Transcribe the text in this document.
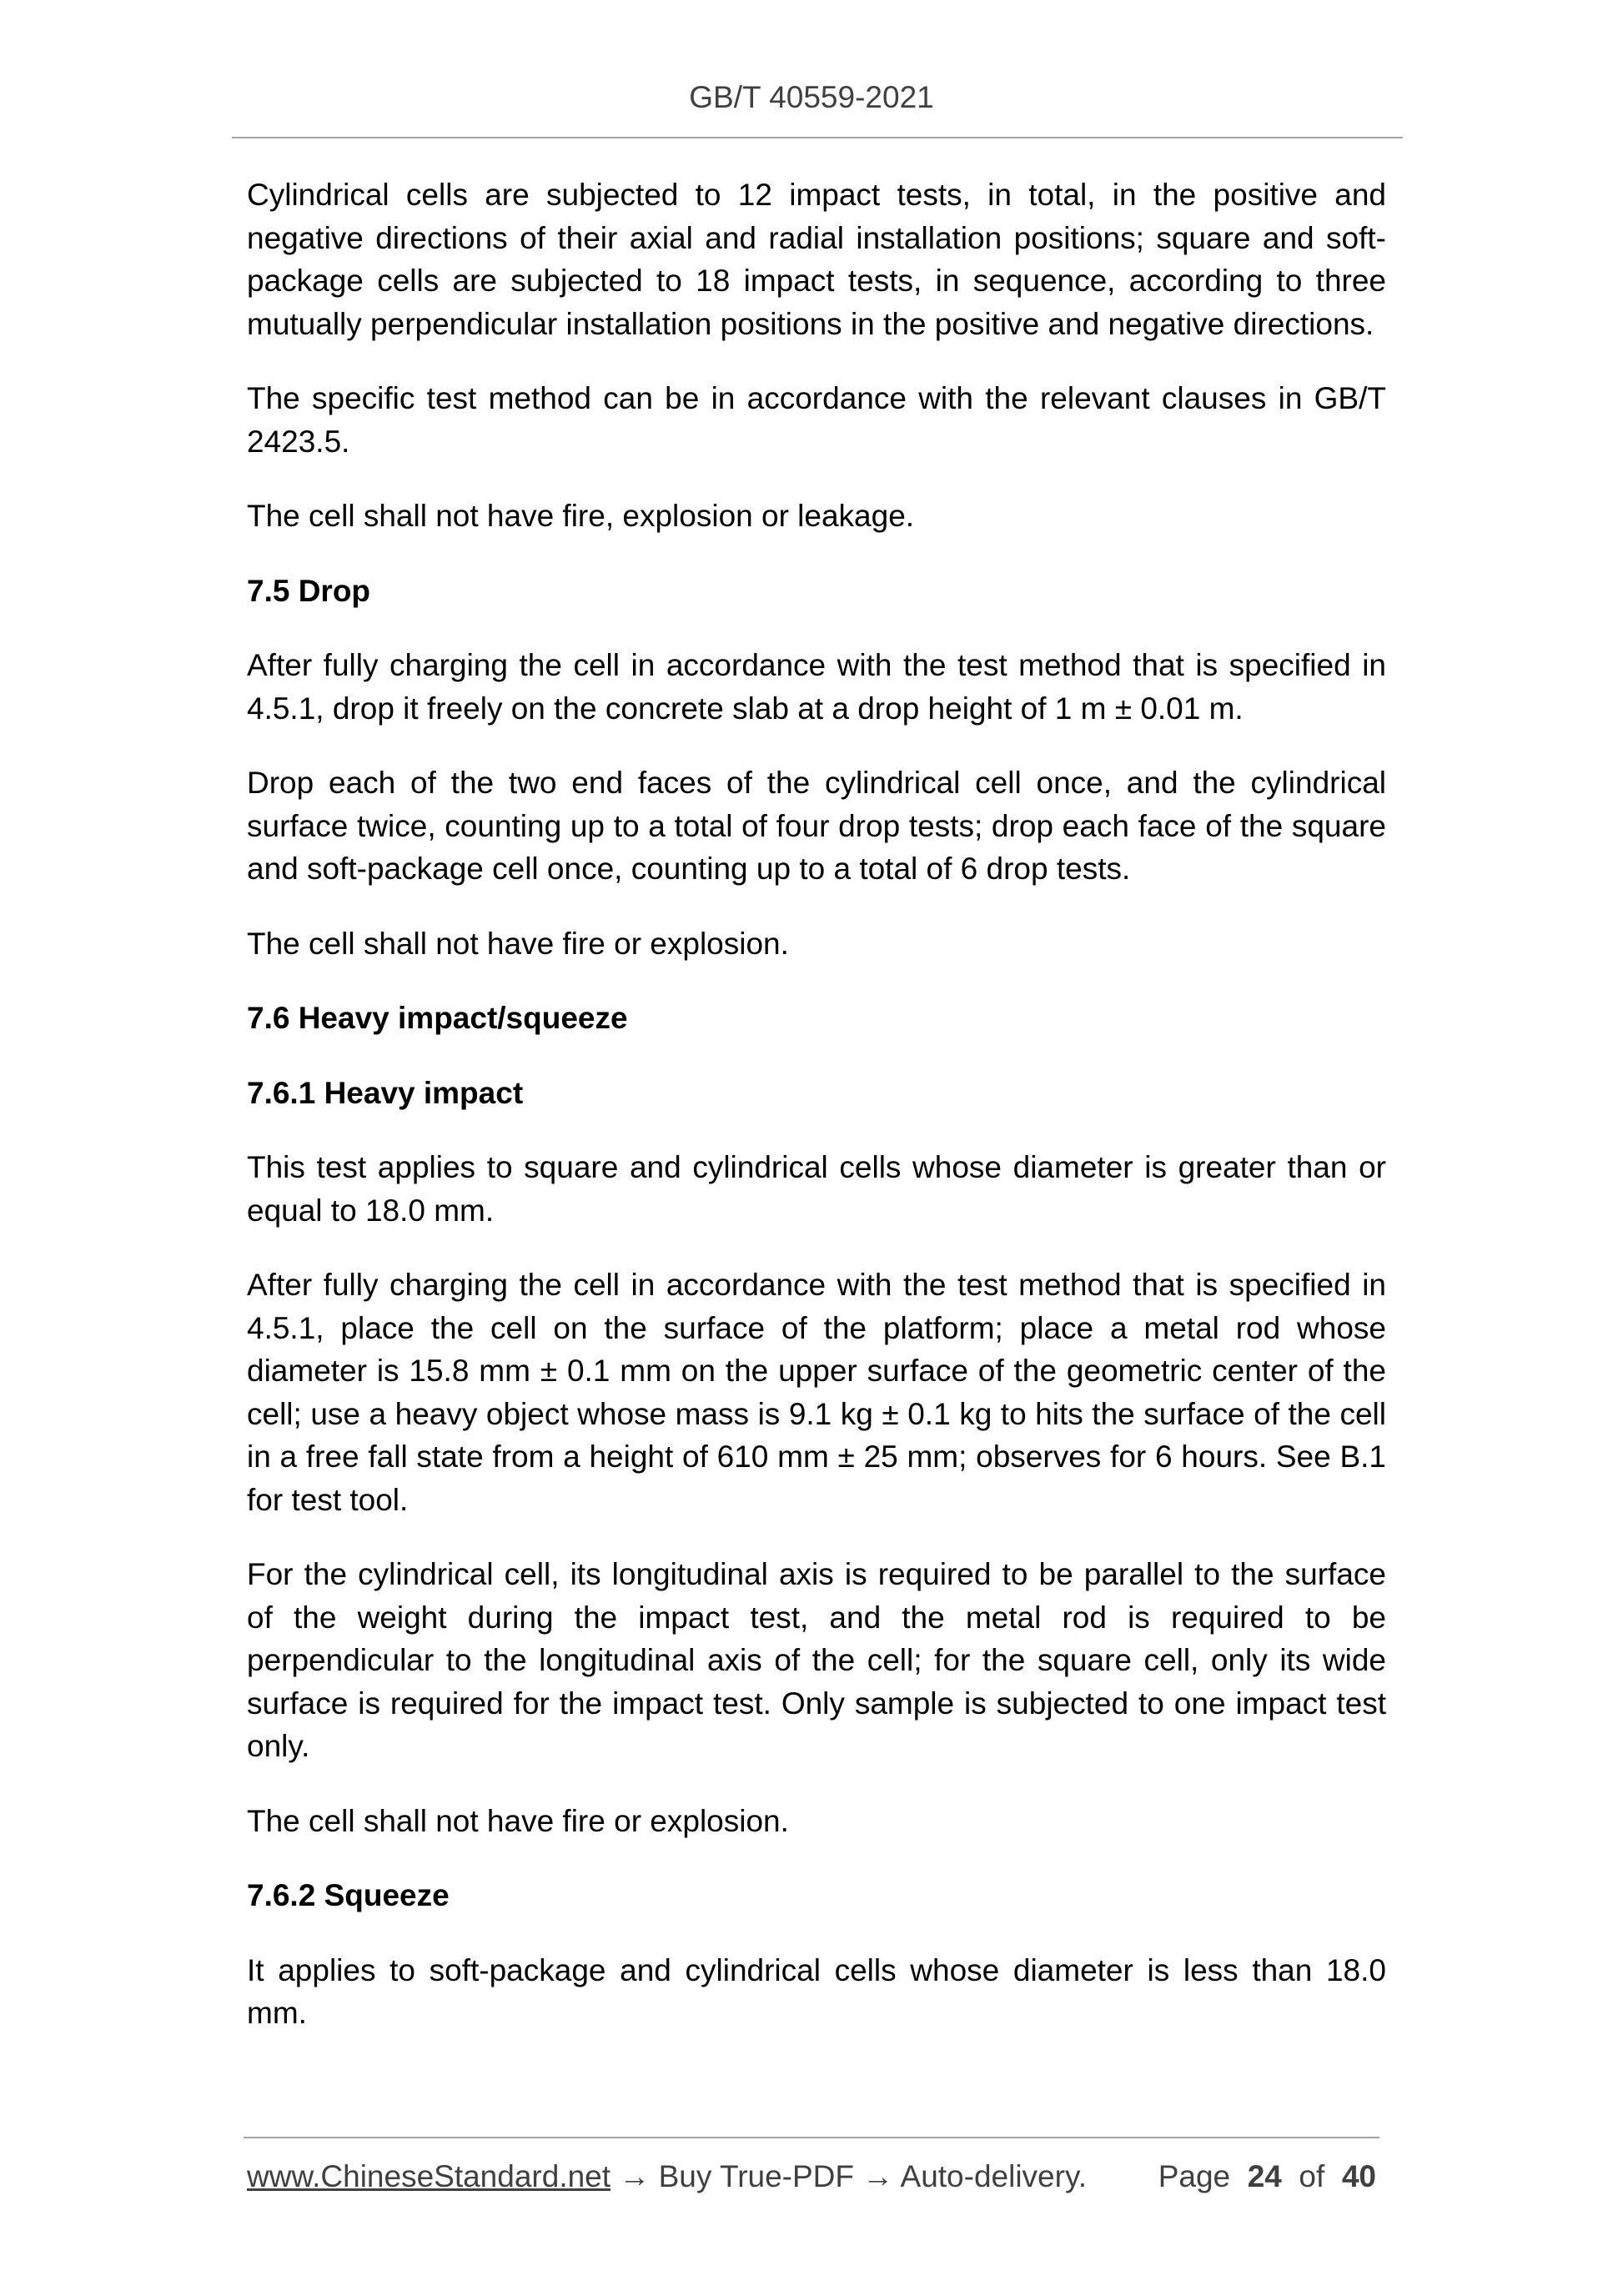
GB/T 40559-2021

Cylindrical cells are subjected to 12 impact tests, in total, in the positive and negative directions of their axial and radial installation positions; square and soft-package cells are subjected to 18 impact tests, in sequence, according to three mutually perpendicular installation positions in the positive and negative directions.

The specific test method can be in accordance with the relevant clauses in GB/T 2423.5.

The cell shall not have fire, explosion or leakage.

7.5 Drop

After fully charging the cell in accordance with the test method that is specified in 4.5.1, drop it freely on the concrete slab at a drop height of 1 m ± 0.01 m.

Drop each of the two end faces of the cylindrical cell once, and the cylindrical surface twice, counting up to a total of four drop tests; drop each face of the square and soft-package cell once, counting up to a total of 6 drop tests.

The cell shall not have fire or explosion.

7.6 Heavy impact/squeeze

7.6.1 Heavy impact

This test applies to square and cylindrical cells whose diameter is greater than or equal to 18.0 mm.

After fully charging the cell in accordance with the test method that is specified in 4.5.1, place the cell on the surface of the platform; place a metal rod whose diameter is 15.8 mm ± 0.1 mm on the upper surface of the geometric center of the cell; use a heavy object whose mass is 9.1 kg ± 0.1 kg to hits the surface of the cell in a free fall state from a height of 610 mm ± 25 mm; observes for 6 hours. See B.1 for test tool.

For the cylindrical cell, its longitudinal axis is required to be parallel to the surface of the weight during the impact test, and the metal rod is required to be perpendicular to the longitudinal axis of the cell; for the square cell, only its wide surface is required for the impact test. Only sample is subjected to one impact test only.

The cell shall not have fire or explosion.

7.6.2 Squeeze

It applies to soft-package and cylindrical cells whose diameter is less than 18.0 mm.

www.ChineseStandard.net → Buy True-PDF → Auto-delivery. Page 24 of 40
